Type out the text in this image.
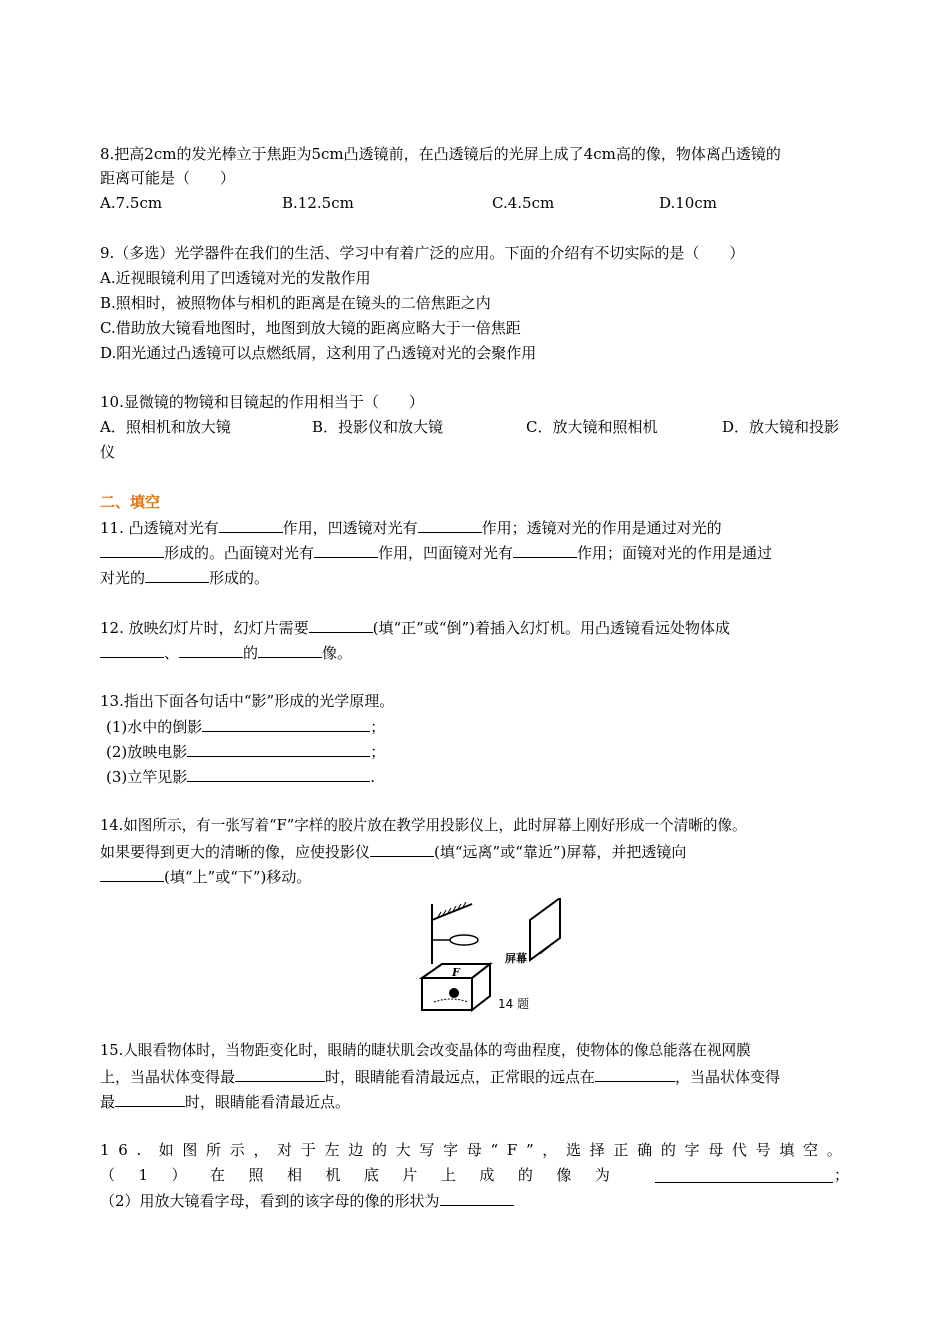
8.把高2cm的发光棒立于焦距为5cm凸透镜前，在凸透镜后的光屏上成了4cm高的像，物体离凸透镜的
距离可能是（　　）
A.7.5cm	B.12.5cm	C.4.5cm	D.10cm
9.（多选）光学器件在我们的生活、学习中有着广泛的应用。下面的介绍有不切实际的是（　　）
A.近视眼镜利用了凹透镜对光的发散作用
B.照相时，被照物体与相机的距离是在镜头的二倍焦距之内
C.借助放大镜看地图时，地图到放大镜的距离应略大于一倍焦距
D.阳光通过凸透镜可以点燃纸屑，这利用了凸透镜对光的会聚作用
10.显微镜的物镜和目镜起的作用相当于（　　）
A．照相机和放大镜	B．投影仪和放大镜	C．放大镜和照相机	D．放大镜和投影
仪
二、填空
11. 凸透镜对光有	作用，凹透镜对光有	作用；透镜对光的作用是通过对光的
形成的。凸面镜对光有	作用，凹面镜对光有	作用；面镜对光的作用是通过
对光的	形成的。
12. 放映幻灯片时，幻灯片需要	(填“正”或“倒”)着插入幻灯机。用凸透镜看远处物体成
、	的	像。
13.指出下面各句话中“影”形成的光学原理。
(1)水中的倒影	；
(2)放映电影	；
(3)立竿见影	.
14.如图所示，有一张写着“F”字样的胶片放在教学用投影仪上，此时屏幕上刚好形成一个清晰的像。
如果要得到更大的清晰的像，应使投影仪	(填“远离”或“靠近”)屏幕，并把透镜向
(填“上”或“下”)移动。
F
屏幕
14 题
15.人眼看物体时，当物距变化时，眼睛的睫状肌会改变晶体的弯曲程度，使物体的像总能落在视网膜
上，当晶状体变得最	时，眼睛能看清最远点，正常眼的远点在	，当晶状体变得
最	时，眼睛能看清最近点。
1 6 . 如 图 所 示 ， 对 于 左 边 的 大 写 字 母 “ F ” ， 选 择 正 确 的 字 母 代 号 填 空 。
（ 1 ） 在 照 相 机 底 片 上 成 的 像 为	；
（2）用放大镜看字母，看到的该字母的像的形状为
